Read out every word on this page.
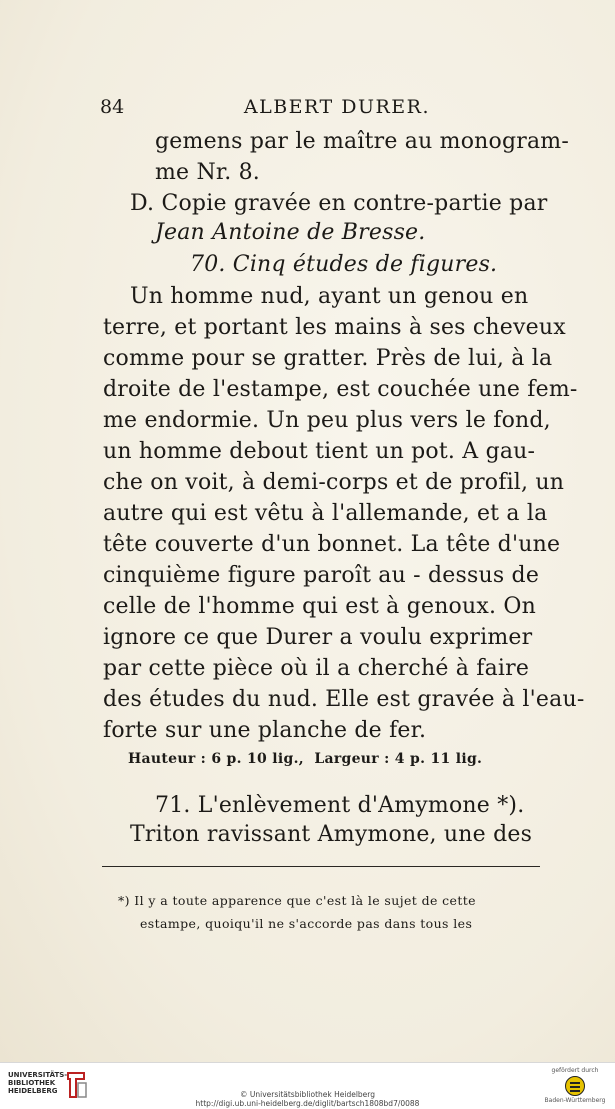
84	ALBERT DURER.
gemens par le maître au monogram-
me Nr. 8.
D. Copie gravée en contre-partie par
Jean Antoine de Bresse.
70. Cinq études de figures.
Un homme nud, ayant un genou en
terre, et portant les mains à ses cheveux
comme pour se gratter. Près de lui, à la
droite de l'estampe, est couchée une fem-
me endormie. Un peu plus vers le fond,
un homme debout tient un pot. A gau-
che on voit, à demi-corps et de profil, un
autre qui est vêtu à l'allemande, et a la
tête couverte d'un bonnet. La tête d'une
cinquième figure paroît au - dessus de
celle de l'homme qui est à genoux. On
ignore ce que Durer a voulu exprimer
par cette pièce où il a cherché à faire
des études du nud. Elle est gravée à l'eau-
forte sur une planche de fer.
Hauteur : 6 p. 10 lig.,  Largeur : 4 p. 11 lig.
71. L'enlèvement d'Amymone *).
Triton ravissant Amymone, une des
*) Il y a toute apparence que c'est là le sujet de cette
estampe, quoiqu'il ne s'accorde pas dans tous les
UNIVERSITÄTS-
BIBLIOTHEK
HEIDELBERG	© Universitätsbibliothek Heidelberg
http://digi.ub.uni-heidelberg.de/diglit/bartsch1808bd7/0088
gefördert durch
Baden-Württemberg
